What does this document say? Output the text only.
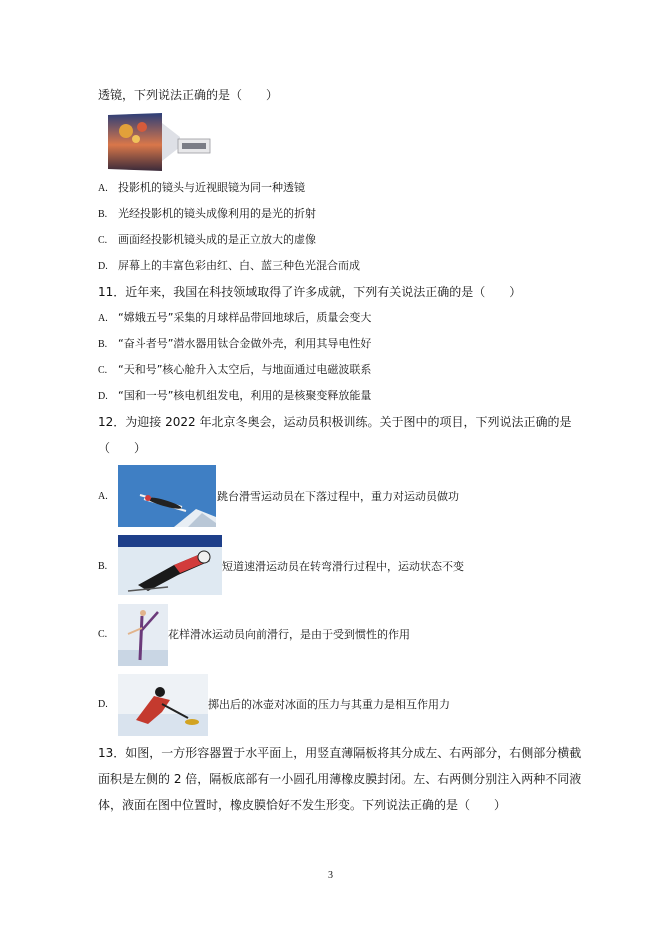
透镜，下列说法正确的是（　　）
A. 投影机的镜头与近视眼镜为同一种透镜
B. 光经投影机的镜头成像利用的是光的折射
C. 画面经投影机镜头成的是正立放大的虚像
D. 屏幕上的丰富色彩由红、白、蓝三种色光混合而成
11．近年来，我国在科技领域取得了许多成就，下列有关说法正确的是（　　）
A. “嫦娥五号”采集的月球样品带回地球后，质量会变大
B. “奋斗者号”潜水器用钛合金做外壳，利用其导电性好
C. “天和号”核心舱升入太空后，与地面通过电磁波联系
D. “国和一号”核电机组发电，利用的是核聚变释放能量
12．为迎接 2022 年北京冬奥会，运动员积极训练。关于图中的项目，下列说法正确的是
（　　）
A.	跳台滑雪运动员在下落过程中，重力对运动员做功
B.	短道速滑运动员在转弯滑行过程中，运动状态不变
C.	花样滑冰运动员向前滑行，是由于受到惯性的作用
D.	掷出后的冰壶对冰面的压力与其重力是相互作用力
13．如图，一方形容器置于水平面上，用竖直薄隔板将其分成左、右两部分，右侧部分横截
面积是左侧的 2 倍，隔板底部有一小圆孔用薄橡皮膜封闭。左、右两侧分别注入两种不同液
体，液面在图中位置时，橡皮膜恰好不发生形变。下列说法正确的是（　　）
3
